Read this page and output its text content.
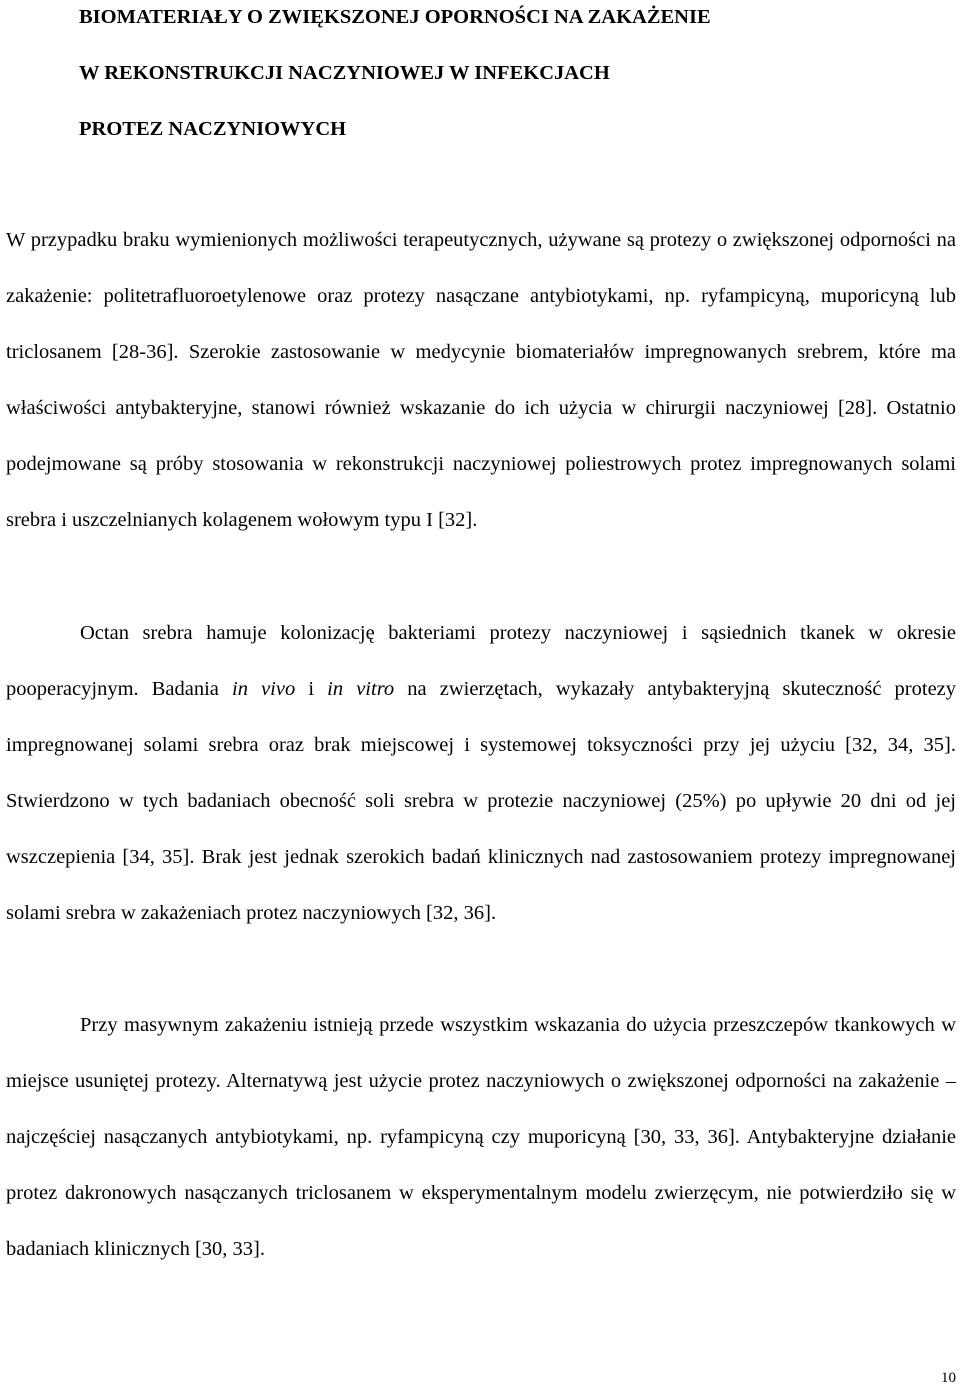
BIOMATERIAŁY O ZWIĘKSZONEJ OPORNOŚCI NA ZAKAŻENIE
W REKONSTRUKCJI NACZYNIOWEJ W INFEKCJACH
PROTEZ NACZYNIOWYCH

W przypadku braku wymienionych możliwości terapeutycznych, używane są protezy o zwiększonej odporności na zakażenie: politetrafluoroetylenowe oraz protezy nasączane antybiotykami, np. ryfampicyną, muporicyną lub triclosanem [28-36]. Szerokie zastosowanie w medycynie biomateriałów impregnowanych srebrem, które ma właściwości antybakteryjne, stanowi również wskazanie do ich użycia w chirurgii naczyniowej [28]. Ostatnio podejmowane są próby stosowania w rekonstrukcji naczyniowej poliestrowych protez impregnowanych solami srebra i uszczelnianych kolagenem wołowym typu I [32].

Octan srebra hamuje kolonizację bakteriami protezy naczyniowej i sąsiednich tkanek w okresie pooperacyjnym. Badania in vivo i in vitro na zwierzętach, wykazały antybakteryjną skuteczność protezy impregnowanej solami srebra oraz brak miejscowej i systemowej toksyczności przy jej użyciu [32, 34, 35]. Stwierdzono w tych badaniach obecność soli srebra w protezie naczyniowej (25%) po upływie 20 dni od jej wszczepienia [34, 35]. Brak jest jednak szerokich badań klinicznych nad zastosowaniem protezy impregnowanej solami srebra w zakażeniach protez naczyniowych [32, 36].

Przy masywnym zakażeniu istnieją przede wszystkim wskazania do użycia przeszczepów tkankowych w miejsce usuniętej protezy. Alternatywą jest użycie protez naczyniowych o zwiększonej odporności na zakażenie – najczęściej nasączanych antybiotykami, np. ryfampicyną czy muporicyną [30, 33, 36]. Antybakteryjne działanie protez dakronowych nasączanych triclosanem w eksperymentalnym modelu zwierzęcym, nie potwierdziło się w badaniach klinicznych [30, 33].

10
